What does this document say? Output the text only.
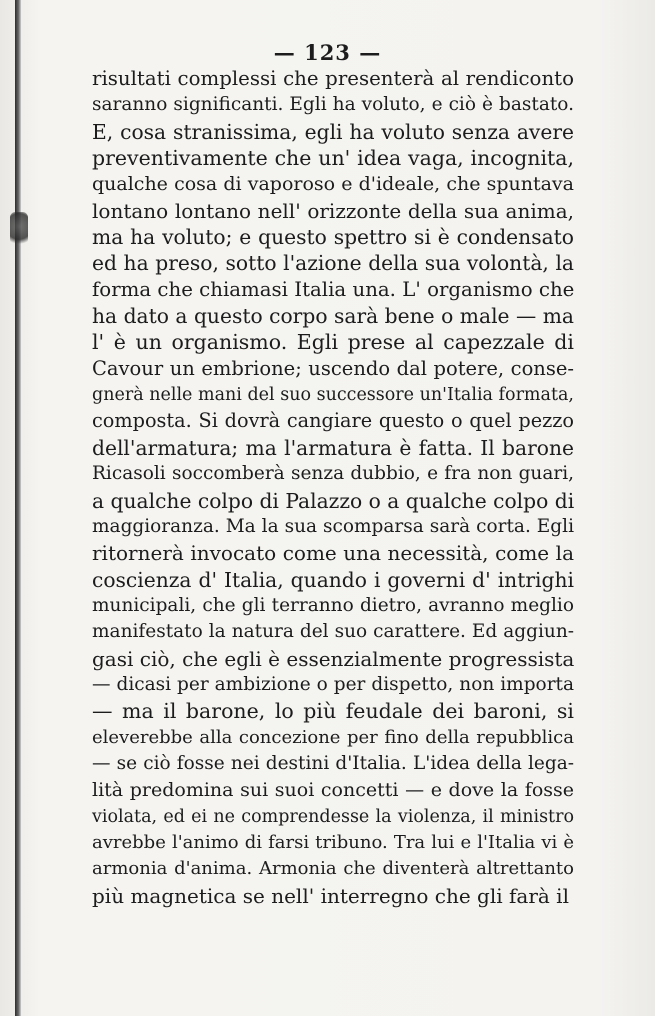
— 123 —
risultati complessi che presenterà al rendiconto
saranno significanti. Egli ha voluto, e ciò è bastato.
E, cosa stranissima, egli ha voluto senza avere
preventivamente che un' idea vaga, incognita,
qualche cosa di vaporoso e d'ideale, che spuntava
lontano lontano nell' orizzonte della sua anima,
ma ha voluto; e questo spettro si è condensato
ed ha preso, sotto l'azione della sua volontà, la
forma che chiamasi Italia una. L' organismo che
ha dato a questo corpo sarà bene o male — ma
l' è un organismo. Egli prese al capezzale di
Cavour un embrione; uscendo dal potere, conse-
gnerà nelle mani del suo successore un'Italia formata,
composta. Si dovrà cangiare questo o quel pezzo
dell'armatura; ma l'armatura è fatta. Il barone
Ricasoli soccomberà senza dubbio, e fra non guari,
a qualche colpo di Palazzo o a qualche colpo di
maggioranza. Ma la sua scomparsa sarà corta. Egli
ritornerà invocato come una necessità, come la
coscienza d' Italia, quando i governi d' intrighi
municipali, che gli terranno dietro, avranno meglio
manifestato la natura del suo carattere. Ed aggiun-
gasi ciò, che egli è essenzialmente progressista
— dicasi per ambizione o per dispetto, non importa
— ma il barone, lo più feudale dei baroni, si
eleverebbe alla concezione per fino della repubblica
— se ciò fosse nei destini d'Italia. L'idea della lega-
lità predomina sui suoi concetti — e dove la fosse
violata, ed ei ne comprendesse la violenza, il ministro
avrebbe l'animo di farsi tribuno. Tra lui e l'Italia vi è
armonia d'anima. Armonia che diventerà altrettanto
più magnetica se nell' interregno che gli farà il
